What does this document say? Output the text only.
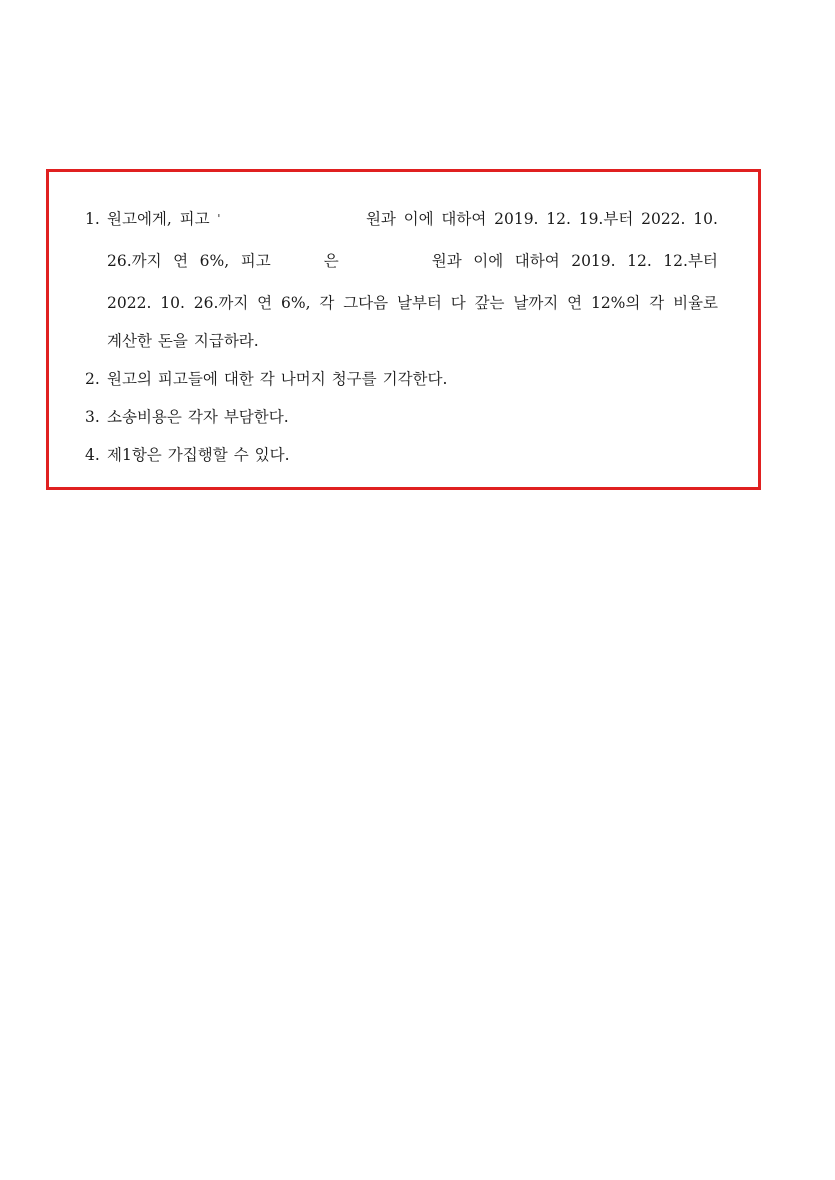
1. 원고에게, 피고 '	원과 이에 대하여 2019. 12. 19.부터 2022. 10.
26.까지 연 6%, 피고	은	원과 이에 대하여 2019. 12. 12.부터
2022. 10. 26.까지 연 6%, 각 그다음 날부터 다 갚는 날까지 연 12%의 각 비율로
계산한 돈을 지급하라.
2. 원고의 피고들에 대한 각 나머지 청구를 기각한다.
3. 소송비용은 각자 부담한다.
4. 제1항은 가집행할 수 있다.
